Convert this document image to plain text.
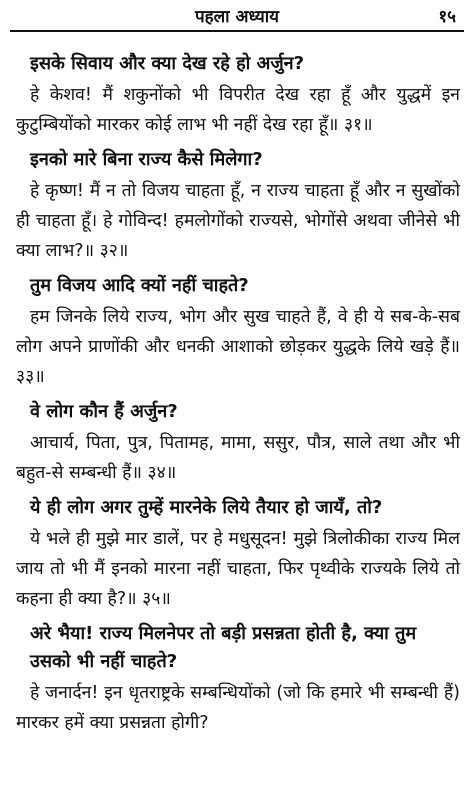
पहला अध्याय	१५
इसके सिवाय और क्या देख रहे हो अर्जुन?

हे केशव! मैं शकुनोंको भी विपरीत देख रहा हूँ और युद्धमें इन कुटुम्बियोंको मारकर कोई लाभ भी नहीं देख रहा हूँ॥ ३१॥

इनको मारे बिना राज्य कैसे मिलेगा?

हे कृष्ण! मैं न तो विजय चाहता हूँ, न राज्य चाहता हूँ और न सुखोंको ही चाहता हूँ। हे गोविन्द! हमलोगोंको राज्यसे, भोगोंसे अथवा जीनेसे भी क्या लाभ?॥ ३२॥

तुम विजय आदि क्यों नहीं चाहते?

हम जिनके लिये राज्य, भोग और सुख चाहते हैं, वे ही ये सब-के-सब लोग अपने प्राणोंकी और धनकी आशाको छोड़कर युद्धके लिये खड़े हैं॥ ३३॥

वे लोग कौन हैं अर्जुन?

आचार्य, पिता, पुत्र, पितामह, मामा, ससुर, पौत्र, साले तथा और भी बहुत-से सम्बन्धी हैं॥ ३४॥

ये ही लोग अगर तुम्हें मारनेके लिये तैयार हो जायँ, तो?

ये भले ही मुझे मार डालें, पर हे मधुसूदन! मुझे त्रिलोकीका राज्य मिल जाय तो भी मैं इनको मारना नहीं चाहता, फिर पृथ्वीके राज्यके लिये तो कहना ही क्या है?॥ ३५॥

अरे भैया! राज्य मिलनेपर तो बड़ी प्रसन्नता होती है, क्या तुम उसको भी नहीं चाहते?

हे जनार्दन! इन धृतराष्ट्रके सम्बन्धियोंको (जो कि हमारे भी सम्बन्धी हैं) मारकर हमें क्या प्रसन्नता होगी?
